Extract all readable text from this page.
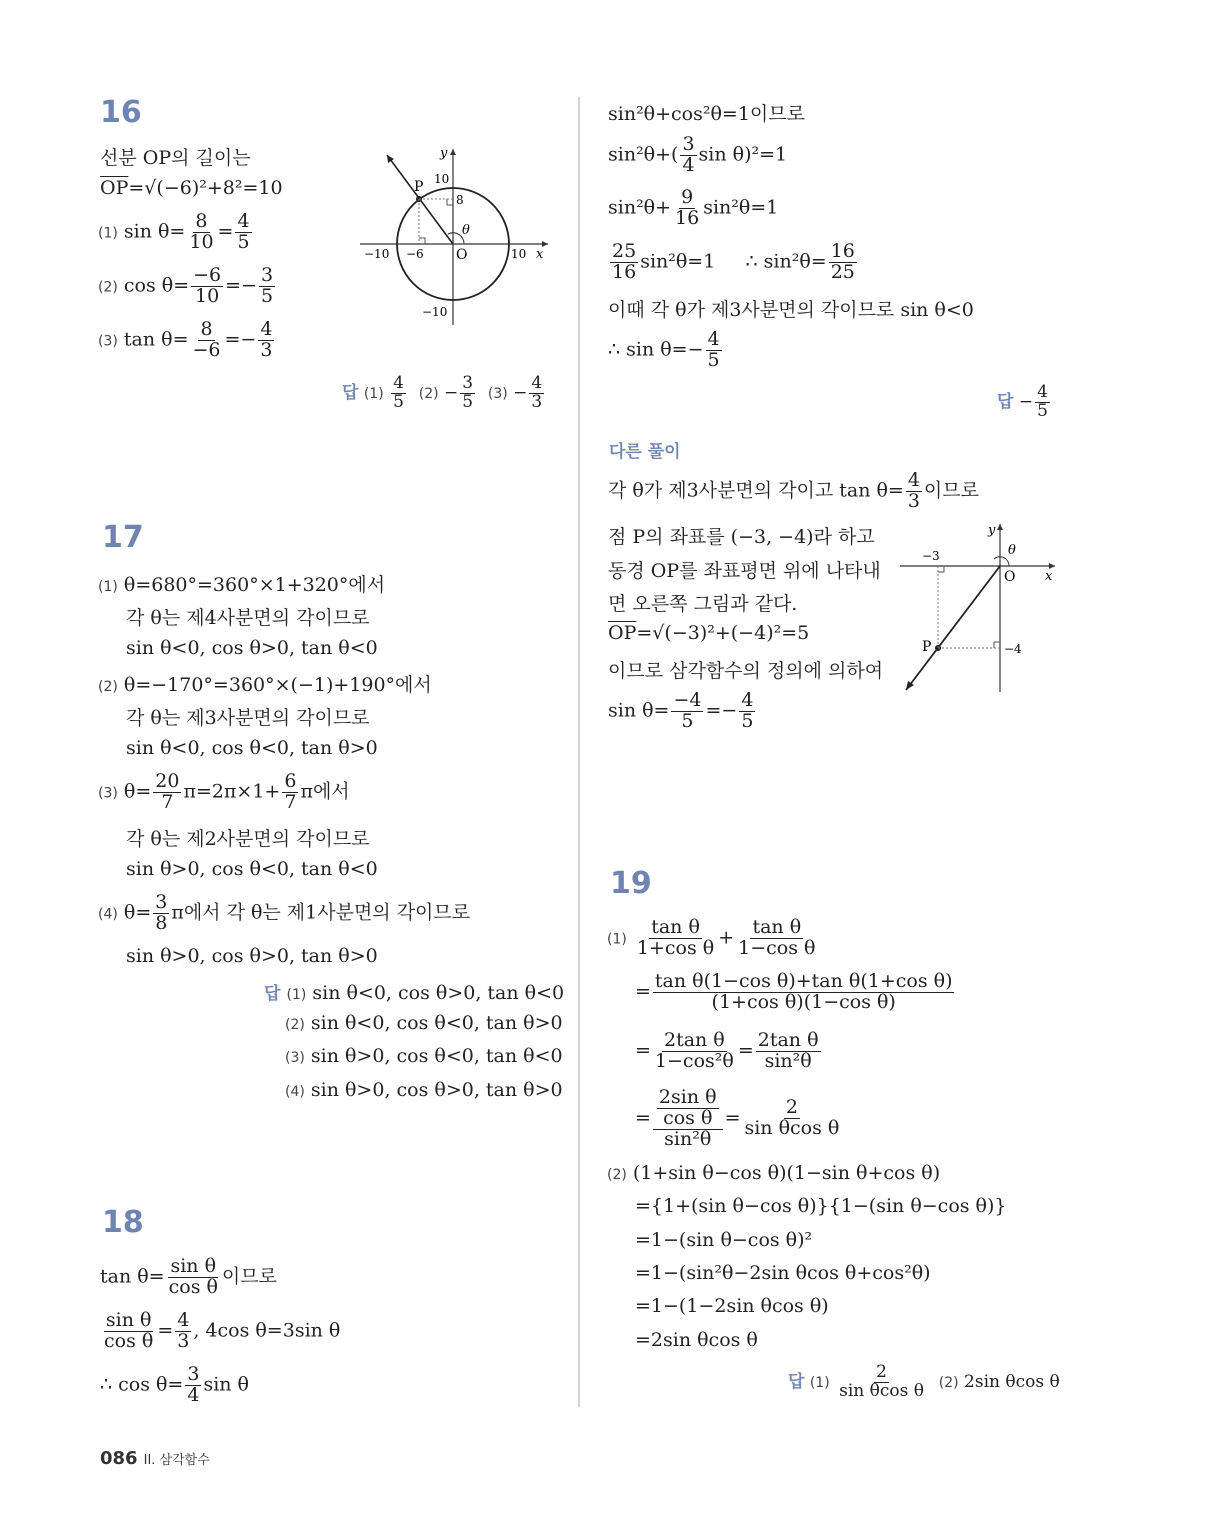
16
선분 OP의 길이는
$\overline{OP}=√(-6)^2+8^2=10$
(1) $\sin \theta= \frac{8}{10} = \frac{4}{5}$
(2) $\cos \theta= \frac{-6}{10} =- \frac{3}{5}$
(3) $\tan \theta= \frac{8}{-6} =- \frac{4}{3}$
y
x
P
O
θ
10
8
−10 −6	10
−10
답 $(1) \frac{4}{5} (2) - \frac{3}{5} (3) - \frac{4}{3}$
17
(1) θ=680°=360°×1+320°에서
각 θ는 제4사분면의 각이므로
sin θ<0, cos θ>0, tan θ<0
(2) θ=−170°=360°×(−1)+190°에서
각 θ는 제3사분면의 각이므로
sin θ<0, cos θ<0, tan θ>0
(3) $\theta= \frac{20}{7} \pi=2\pi\times 1+ \frac{6}{7}$ π에서
각 θ는 제2사분면의 각이므로
sin θ>0, cos θ<0, tan θ<0
(4) $\theta= \frac{3}{8}$ π에서 각 θ는 제1사분면의 각이므로
sin θ>0, cos θ>0, tan θ>0
답 (1) sin θ<0, cos θ>0, tan θ<0
(2) sin θ<0, cos θ<0, tan θ>0
(3) sin θ>0, cos θ<0, tan θ<0
(4) sin θ>0, cos θ>0, tan θ>0
18
$\tan \theta= \frac{\text{sin θ}}{\text{cos θ}}$ 이므로
$\frac{\text{sin θ}}{\text{cos θ}} = \frac{4}{3}$ , 4cos θ=3sin θ
∴ $\cos \theta= \frac{3}{4}$ sin θ
sin²θ+cos²θ=1이므로
$\sin^2\theta+( \frac{3}{4}$ sin θ)²=1
$\sin^2\theta+ \frac{9}{16} \sin^2\theta=1$
$\frac{25}{16} \sin^2\theta=1$ ∴ $\sin^2\theta= \frac{16}{25}$
이때 각 θ가 제3사분면의 각이므로 sin θ<0
∴ $\sin \theta=- \frac{4}{5}$
답 − $\frac{4}{5}$
다른 풀이
각 θ가 제3사분면의 각이고 $\tan \theta= \frac{4}{3}$ 이므로
점 P의 좌표를 (−3, −4)라 하고
동경 OP를 좌표평면 위에 나타내
면 오른쪽 그림과 같다.
$\overline{OP}=√(-3)^2+(-4)^2=5$
이므로 삼각함수의 정의에 의하여
$\sin \theta= \frac{-4}{5} =- \frac{4}{5}$
y
x
O
θ
P
−3
−4
19
$(1) \frac{\text{tan θ}}{\text{1+cos θ}} + \frac{\text{tan θ}}{\text{1−cos θ}}$
= $\frac{\text{tan θ(1−cos θ)+tan θ(1+cos θ)}}{\text{(1+cos θ)(1−cos θ)}}$
= $\frac{\text{2tan θ}}{\text{1−cos²θ}} = \frac{\text{2tan θ}}{\text{sin²θ}}$
= $\frac{\frac{\text{2sin θ}}{\text{cos θ}}}{\text{sin²θ}} = \frac{2}{\text{sin θcos θ}}$
(2) (1+sin θ−cos θ)(1−sin θ+cos θ)
={1+(sin θ−cos θ)}{1−(sin θ−cos θ)}
=1−(sin θ−cos θ)²
=1−(sin²θ−2sin θcos θ+cos²θ)
=1−(1−2sin θcos θ)
=2sin θcos θ
답 $(1) \frac{2}{\text{sin θcos θ}} (2)$ 2sin θcos θ
086 II. 삼각함수
